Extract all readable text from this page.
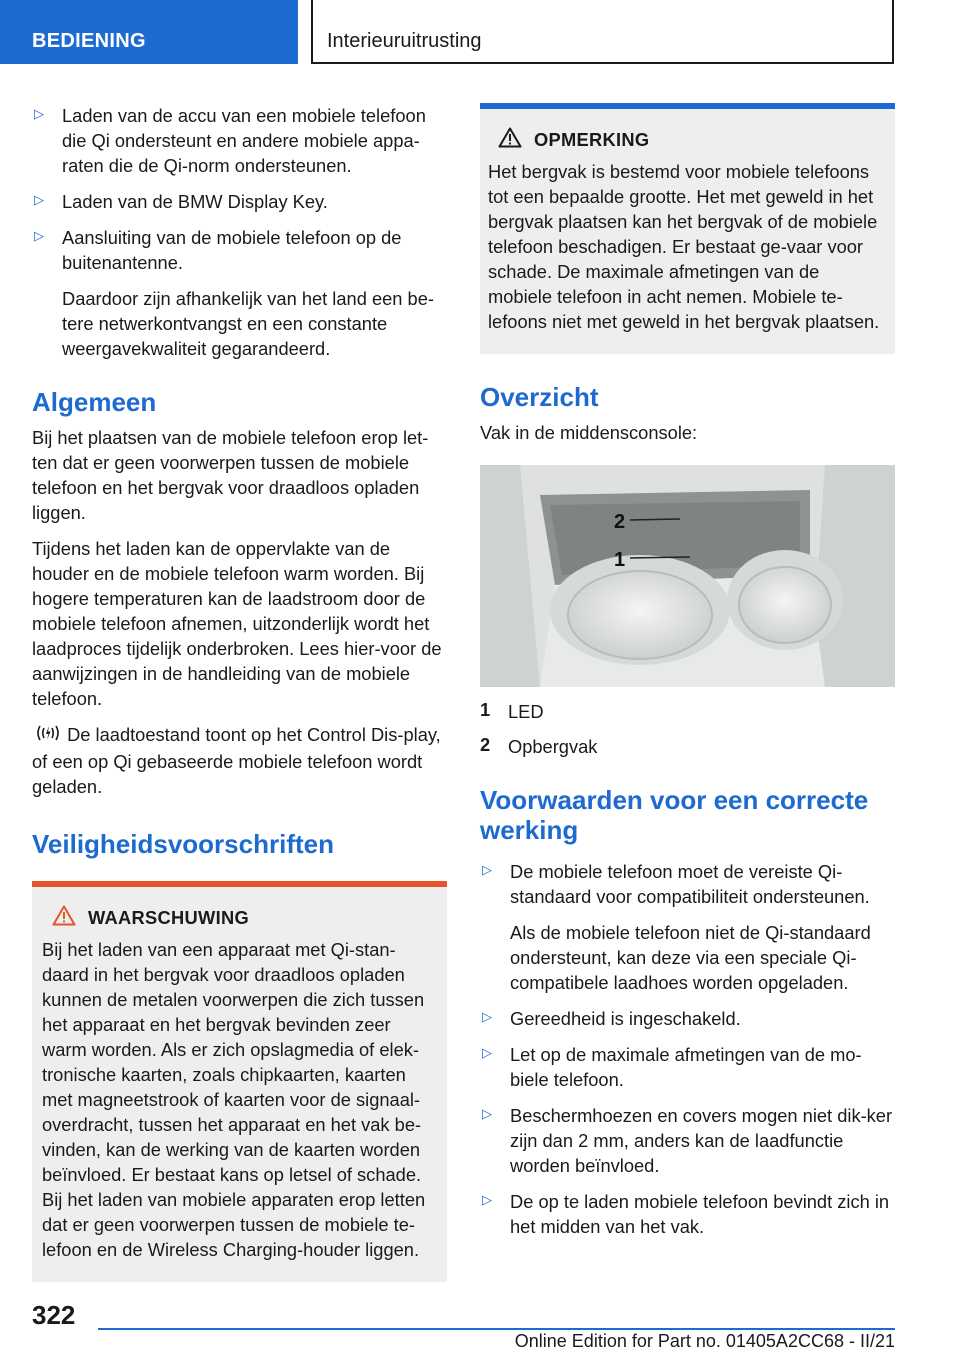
BEDIENING	Interieuruitrusting
▷ Laden van de accu van een mobiele telefoon die Qi ondersteunt en andere mobiele appa-raten die de Qi-norm ondersteunen.

▷ Laden van de BMW Display Key.

▷ Aansluiting van de mobiele telefoon op de buitenantenne.

Daardoor zijn afhankelijk van het land een be-tere netwerkontvangst en een constante weergavekwaliteit gegarandeerd.

Algemeen

Bij het plaatsen van de mobiele telefoon erop let-ten dat er geen voorwerpen tussen de mobiele telefoon en het bergvak voor draadloos opladen liggen.

Tijdens het laden kan de oppervlakte van de houder en de mobiele telefoon warm worden. Bij hogere temperaturen kan de laadstroom door de mobiele telefoon afnemen, uitzonderlijk wordt het laadproces tijdelijk onderbroken. Lees hier-voor de aanwijzingen in de handleiding van de mobiele telefoon.

De laadtoestand toont op het Control Dis-play, of een op Qi gebaseerde mobiele telefoon wordt geladen.

Veiligheidsvoorschriften
WAARSCHUWING

Bij het laden van een apparaat met Qi-stan-daard in het bergvak voor draadloos opladen kunnen de metalen voorwerpen die zich tussen het apparaat en het bergvak bevinden zeer warm worden. Als er zich opslagmedia of elek-tronische kaarten, zoals chipkaarten, kaarten met magneetstrook of kaarten voor de signaal-overdracht, tussen het apparaat en het vak be-vinden, kan de werking van de kaarten worden beïnvloed. Er bestaat kans op letsel of schade. Bij het laden van mobiele apparaten erop letten dat er geen voorwerpen tussen de mobiele te-lefoon en de Wireless Charging-houder liggen.

OPMERKING

Het bergvak is bestemd voor mobiele telefoons tot een bepaalde grootte. Het met geweld in het bergvak plaatsen kan het bergvak of de mobiele telefoon beschadigen. Er bestaat ge-vaar voor schade. De maximale afmetingen van de mobiele telefoon in acht nemen. Mobiele te-lefoons niet met geweld in het bergvak plaatsen.

Overzicht

Vak in de middensconsole:

2
1
1 LED

2 Opbergvak

Voorwaarden voor een correcte werking
▷ De mobiele telefoon moet de vereiste Qi-standaard voor compatibiliteit ondersteunen.

Als de mobiele telefoon niet de Qi-standaard ondersteunt, kan deze via een speciale Qi-compatibele laadhoes worden opgeladen.

▷ Gereedheid is ingeschakeld.

▷ Let op de maximale afmetingen van de mo-biele telefoon.

▷ Beschermhoezen en covers mogen niet dik-ker zijn dan 2 mm, anders kan de laadfunctie worden beïnvloed.

▷ De op te laden mobiele telefoon bevindt zich in het midden van het vak.

322
Online Edition for Part no. 01405A2CC68 - II/21
